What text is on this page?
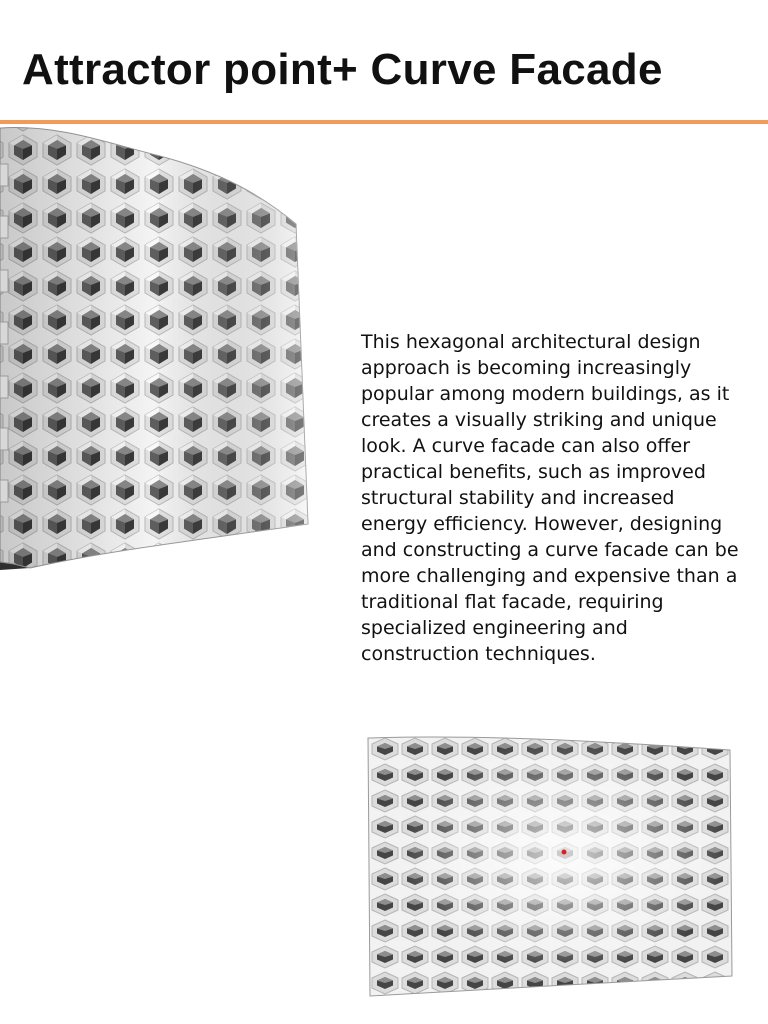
Attractor point+ Curve Facade

This hexagonal architectural design approach is becoming increasingly popular among modern buildings, as it creates a visually striking and unique look. A curve facade can also offer practical benefits, such as improved structural stability and increased energy efficiency. However, designing and constructing a curve facade can be more challenging and expensive than a traditional flat facade, requiring specialized engineering and construction techniques.
